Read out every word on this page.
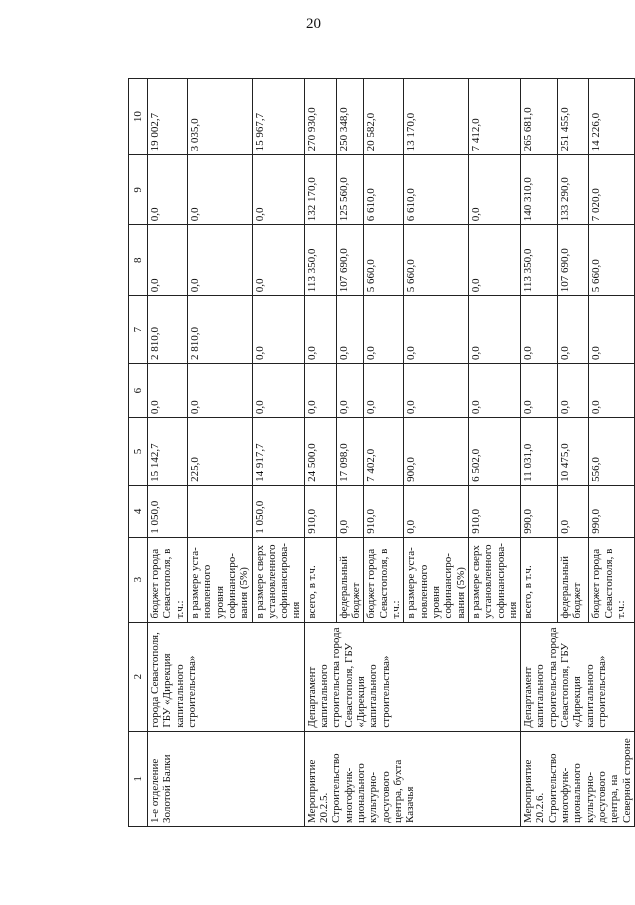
20
1	2	3	4	5	6	7	8	9	10
1-е отделение Золотой Балки	города Севастополя, ГБУ «Дирекция капитального строительства»	бюджет города Севастополя, в т.ч.:	1 050,0	15 142,7	0,0	2 810,0	0,0	0,0	19 002,7
		в размере уста-новленного уровня софинансиро-вания (5%)		225,0	0,0	2 810,0	0,0	0,0	3 035,0
		в размере сверх установленного софинансирова-ния	1 050,0	14 917,7	0,0	0,0	0,0	0,0	15 967,7
Мероприятие 20.2.5. Строительство многофунк-ционального культурно-досугового центра, бухта Казачья	Департамент капитального строительства города Севастополя, ГБУ «Дирекция капитального строительства»	всего, в т.ч.	910,0	24 500,0	0,0	0,0	113 350,0	132 170,0	270 930,0
		федеральный бюджет	0,0	17 098,0	0,0	0,0	107 690,0	125 560,0	250 348,0
		бюджет города Севастополя, в т.ч.:	910,0	7 402,0	0,0	0,0	5 660,0	6 610,0	20 582,0
		в размере уста-новленного уровня софинансиро-вания (5%)	0,0	900,0	0,0	0,0	5 660,0	6 610,0	13 170,0
		в размере сверх установленного софинансирова-ния	910,0	6 502,0	0,0	0,0	0,0	0,0	7 412,0
Мероприятие 20.2.6. Строительство многофунк-ционального культурно-досугового центра, на Северной стороне	Департамент капитального строительства города Севастополя, ГБУ «Дирекция капитального строительства»	всего, в т.ч.	990,0	11 031,0	0,0	0,0	113 350,0	140 310,0	265 681,0
		федеральный бюджет	0,0	10 475,0	0,0	0,0	107 690,0	133 290,0	251 455,0
		бюджет города Севастополя, в т.ч.:	990,0	556,0	0,0	0,0	5 660,0	7 020,0	14 226,0
